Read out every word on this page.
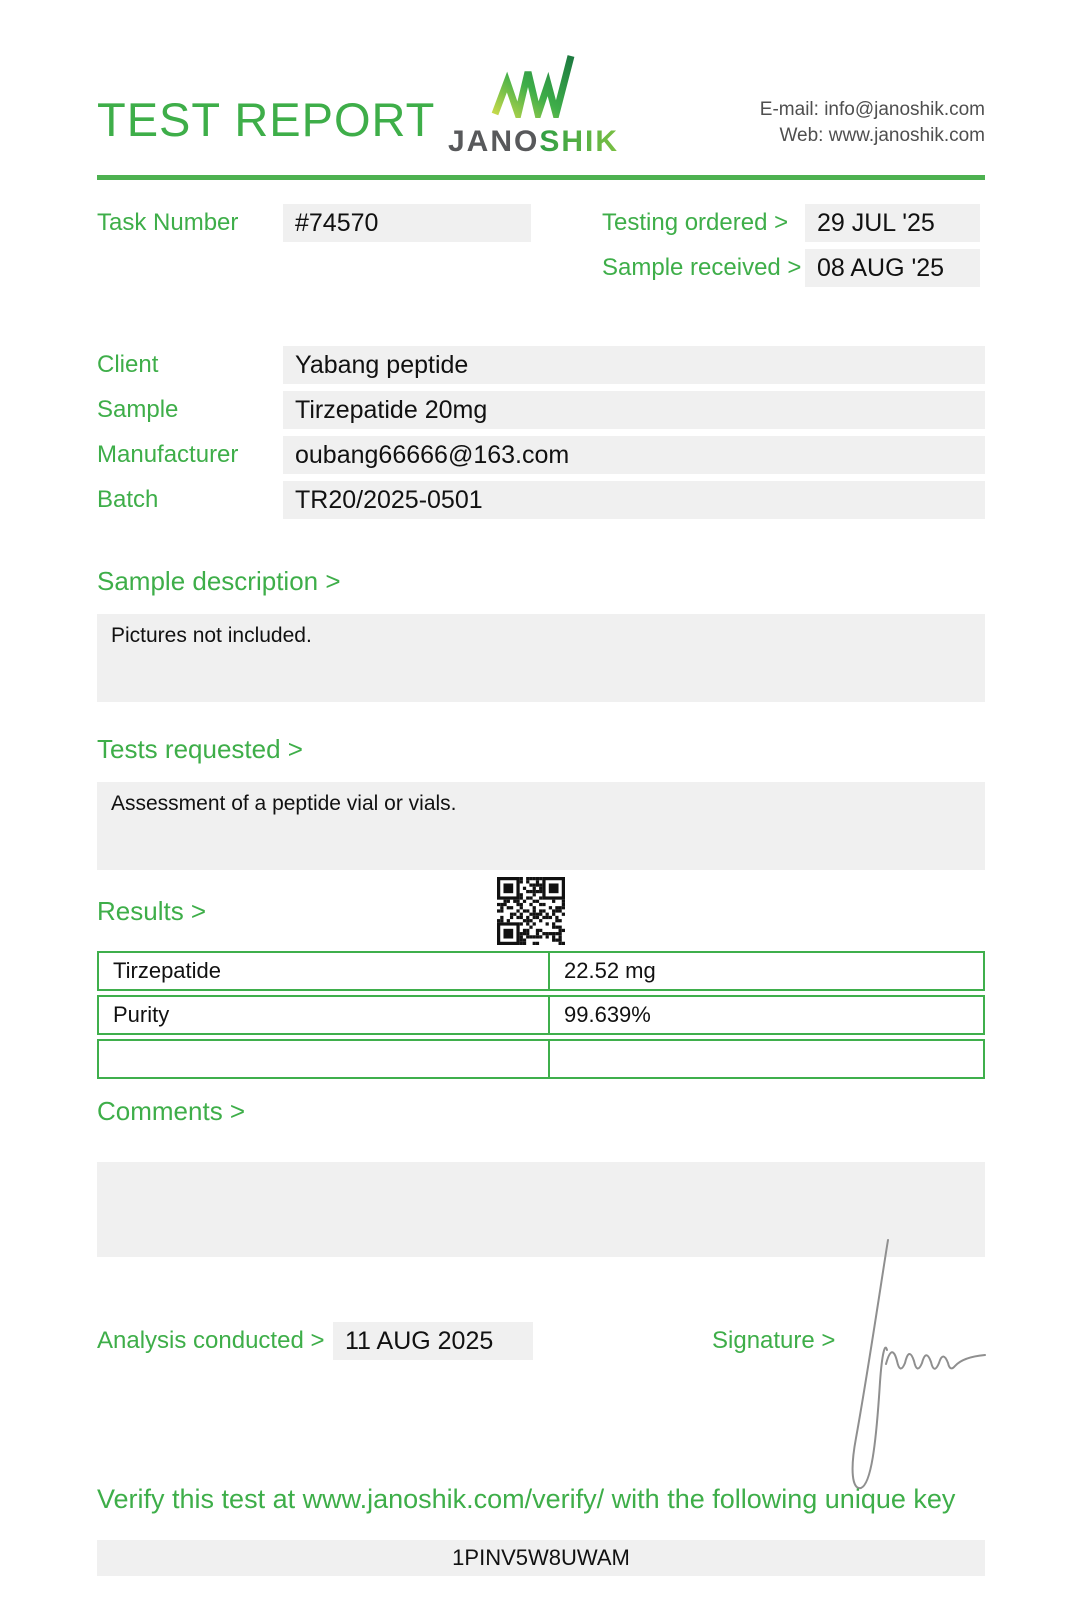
TEST REPORT JANOSHIK
E-mail: info@janoshik.com
Web: www.janoshik.com
Task Number	#74570	Testing ordered >	29 JUL '25
Sample received > 08 AUG '25
Client	Yabang peptide
Sample	Tirzepatide 20mg
Manufacturer	oubang66666@163.com
Batch	TR20/2025-0501
Sample description >
Pictures not included.
Tests requested >
Assessment of a peptide vial or vials.
Results >
Tirzepatide	22.52 mg
Purity	99.639%
Comments >
Analysis conducted > 11 AUG 2025	Signature >
Verify this test at www.janoshik.com/verify/ with the following unique key
1PINV5W8UWAM
